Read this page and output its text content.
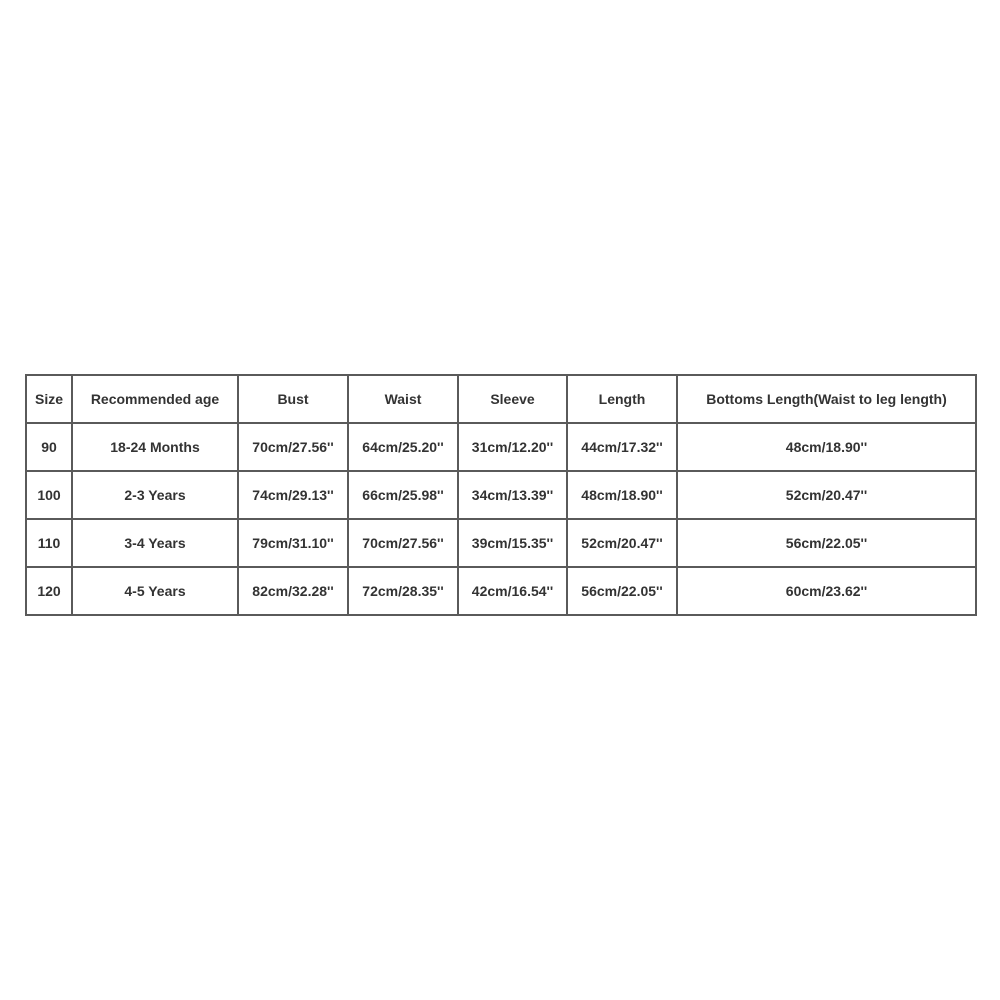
Size	Recommended age	Bust	Waist	Sleeve	Length	Bottoms Length(Waist to leg length)
90	18-24 Months	70cm/27.56''	64cm/25.20''	31cm/12.20''	44cm/17.32''	48cm/18.90''
100	2-3 Years	74cm/29.13''	66cm/25.98''	34cm/13.39''	48cm/18.90''	52cm/20.47''
110	3-4 Years	79cm/31.10''	70cm/27.56''	39cm/15.35''	52cm/20.47''	56cm/22.05''
120	4-5 Years	82cm/32.28''	72cm/28.35''	42cm/16.54''	56cm/22.05''	60cm/23.62''
